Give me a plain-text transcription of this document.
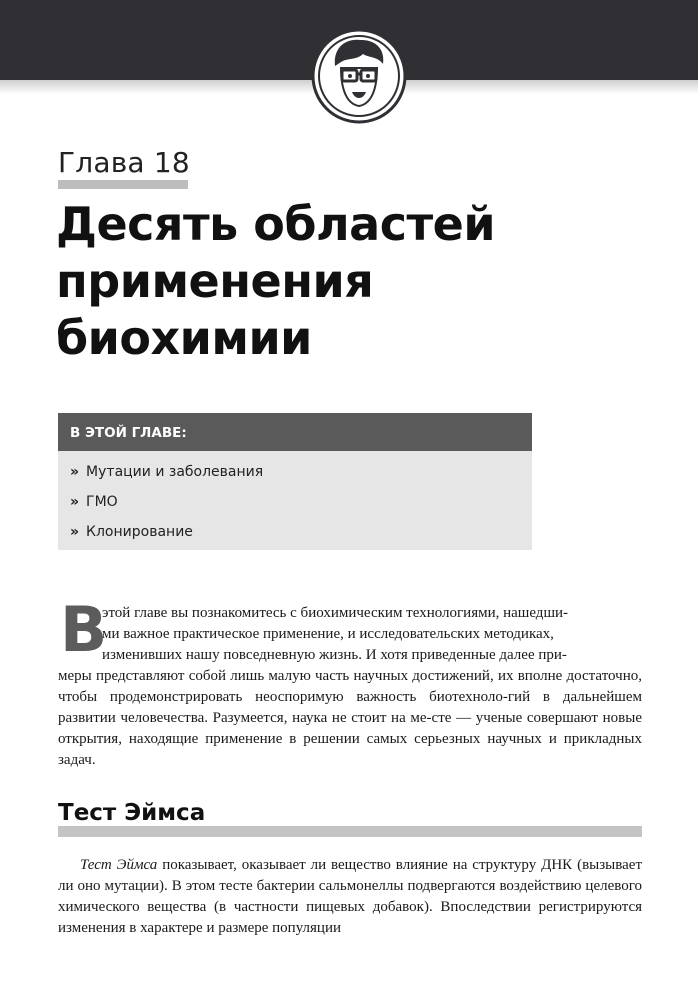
Глава 18
Десять областей
применения
биохимии
В ЭТОЙ ГЛАВЕ:
» Мутации и заболевания
» ГМО
» Клонирование
В
этой главе вы познакомитесь с биохимическим технологиями, нашедши-
ми важное практическое применение, и исследовательских методиках,
изменивших нашу повседневную жизнь. И хотя приведенные далее при-

меры представляют собой лишь малую часть научных достижений, их вполне достаточно, чтобы продемонстрировать неоспоримую важность биотехноло-гий в дальнейшем развитии человечества. Разумеется, наука не стоит на ме-сте — ученые совершают новые открытия, находящие применение в решении самых серьезных научных и прикладных задач.

Тест Эймса

Тест Эймса показывает, оказывает ли вещество влияние на структуру ДНК (вызывает ли оно мутации). В этом тесте бактерии сальмонеллы подвергаются воздействию целевого химического вещества (в частности пищевых добавок). Впоследствии регистрируются изменения в характере и размере популяции
